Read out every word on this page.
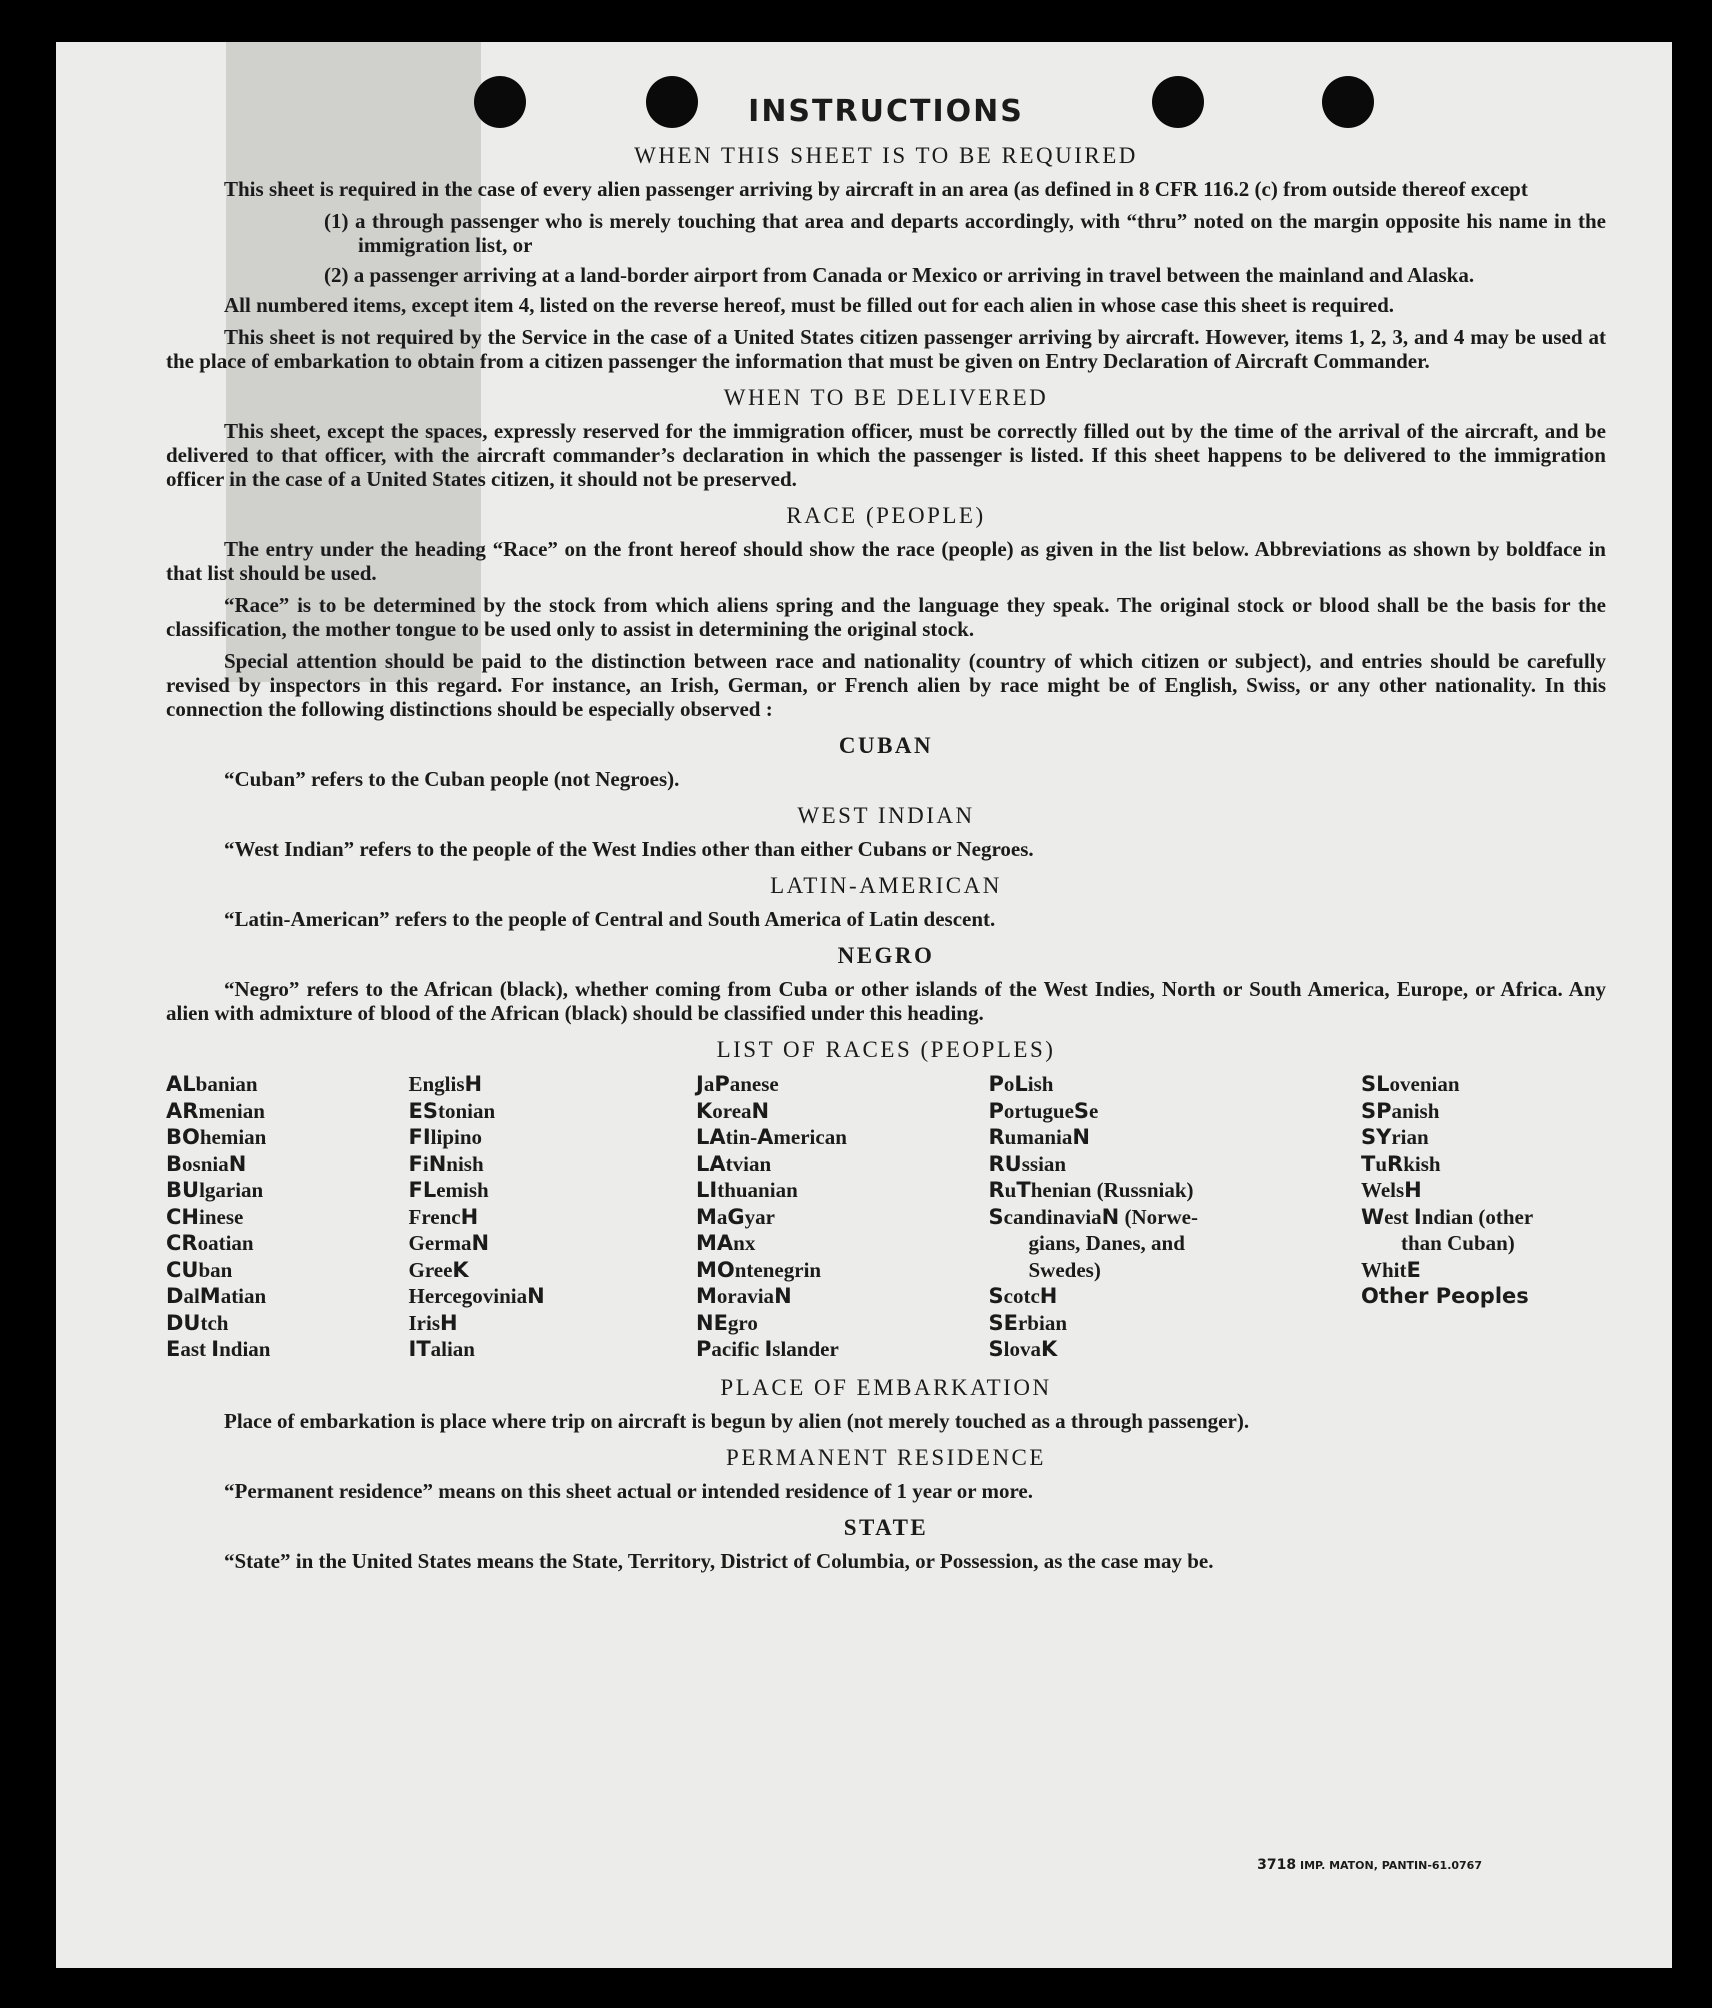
INSTRUCTIONS
WHEN THIS SHEET IS TO BE REQUIRED

This sheet is required in the case of every alien passenger arriving by aircraft in an area (as defined in 8 CFR 116.2 (c) from outside thereof except

(1) a through passenger who is merely touching that area and departs accordingly, with “thru” noted on the margin opposite his name in the immigration list, or

(2) a passenger arriving at a land-border airport from Canada or Mexico or arriving in travel between the mainland and Alaska.

All numbered items, except item 4, listed on the reverse hereof, must be filled out for each alien in whose case this sheet is required.

This sheet is not required by the Service in the case of a United States citizen passenger arriving by aircraft. However, items 1, 2, 3, and 4 may be used at the place of embarkation to obtain from a citizen passenger the information that must be given on Entry Declaration of Aircraft Commander.

WHEN TO BE DELIVERED

This sheet, except the spaces, expressly reserved for the immigration officer, must be correctly filled out by the time of the arrival of the aircraft, and be delivered to that officer, with the aircraft commander’s declaration in which the passenger is listed. If this sheet happens to be delivered to the immigration officer in the case of a United States citizen, it should not be preserved.

RACE (PEOPLE)

The entry under the heading “Race” on the front hereof should show the race (people) as given in the list below. Abbreviations as shown by boldface in that list should be used.

“Race” is to be determined by the stock from which aliens spring and the language they speak. The original stock or blood shall be the basis for the classification, the mother tongue to be used only to assist in determining the original stock.

Special attention should be paid to the distinction between race and nationality (country of which citizen or subject), and entries should be carefully revised by inspectors in this regard. For instance, an Irish, German, or French alien by race might be of English, Swiss, or any other nationality. In this connection the following distinctions should be especially observed :

CUBAN

“Cuban” refers to the Cuban people (not Negroes).

WEST INDIAN

“West Indian” refers to the people of the West Indies other than either Cubans or Negroes.

LATIN-AMERICAN

“Latin-American” refers to the people of Central and South America of Latin descent.

NEGRO

“Negro” refers to the African (black), whether coming from Cuba or other islands of the West Indies, North or South America, Europe, or Africa. Any alien with admixture of blood of the African (black) should be classified under this heading.

LIST OF RACES (PEOPLES)
ALbanian
ARmenian
BOhemian
BosniaN
BUlgarian
CHinese
CRoatian
CUban
DalMatian
DUtch
East Indian
EnglisH
EStonian
FIlipino
FiNnish
FLemish
FrencH
GermaN
GreeK
HercegoviniaN
IrisH
ITalian
JaPanese
KoreaN
LAtin-American
LAtvian
LIthuanian
MaGyar
MAnx
MOntenegrin
MoraviaN
NEgro
Pacific Islander
PoLish
PortugueSe
RumaniaN
RUssian
RuThenian (Russniak)
ScandinaviaN (Norwe-
gians, Danes, and
Swedes)
ScotcH
SErbian
SlovaK
SLovenian
SPanish
SYrian
TuRkish
WelsH
West Indian (other
than Cuban)
WhitE
Other Peoples
PLACE OF EMBARKATION

Place of embarkation is place where trip on aircraft is begun by alien (not merely touched as a through passenger).

PERMANENT RESIDENCE

“Permanent residence” means on this sheet actual or intended residence of 1 year or more.

STATE

“State” in the United States means the State, Territory, District of Columbia, or Possession, as the case may be.

3718 IMP. MATON, PANTIN-61.0767
